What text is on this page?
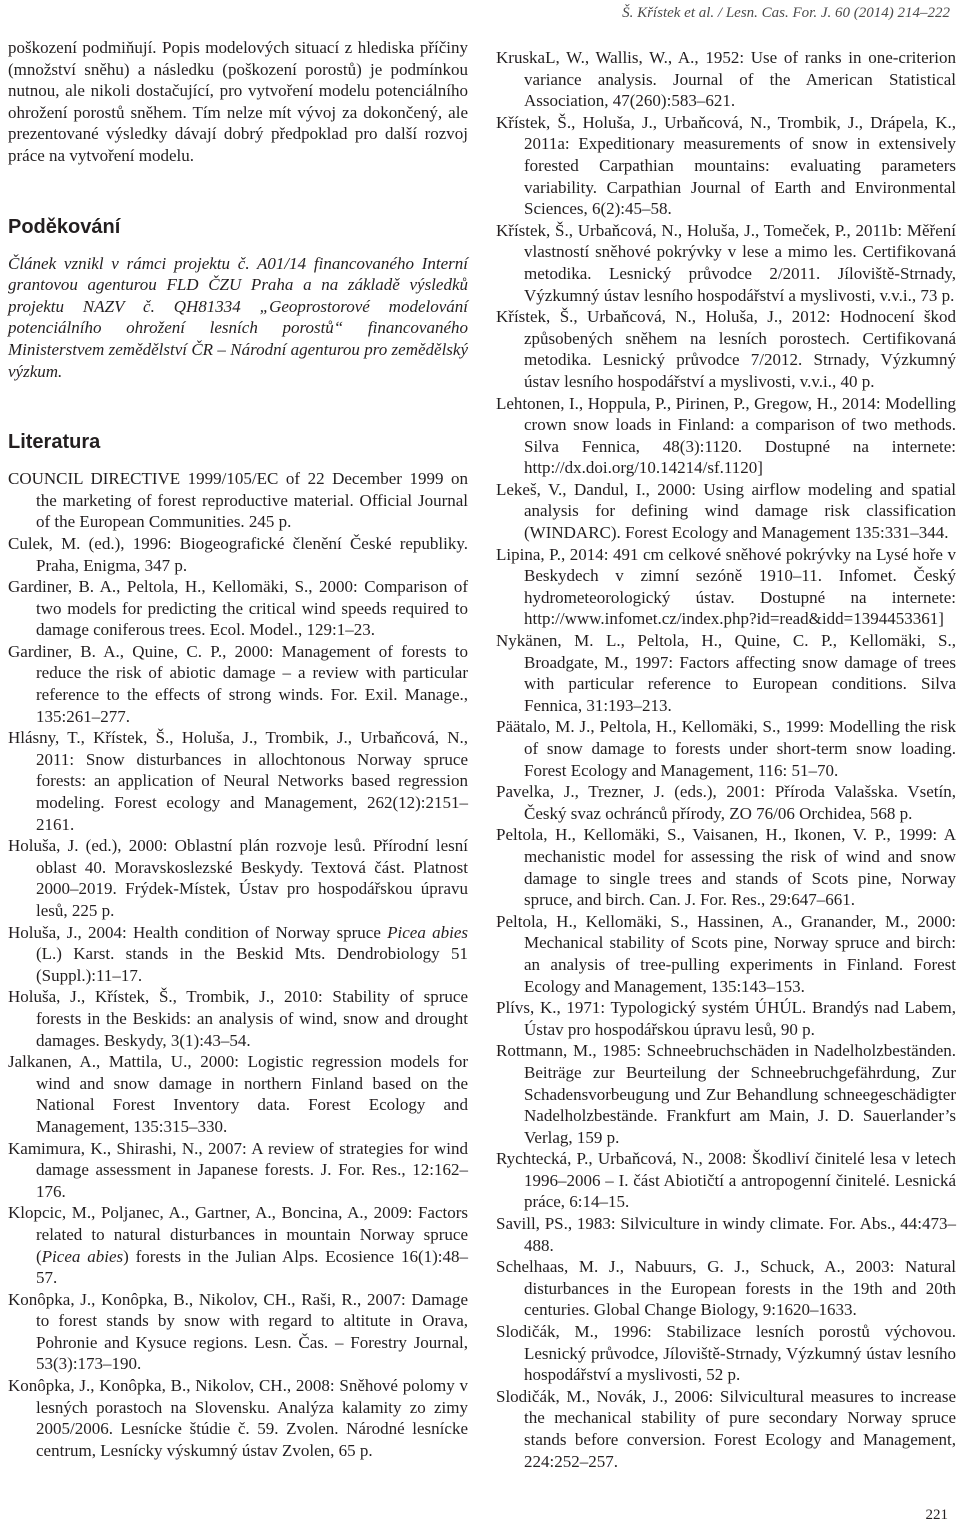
Š. Křístek et al. / Lesn. Cas. For. J. 60 (2014) 214–222

poškození podmiňují. Popis modelových situací z hlediska příčiny (množství sněhu) a následku (poškození porostů) je podmínkou nutnou, ale nikoli dostačující, pro vytvoření modelu potenciálního ohrožení porostů sněhem. Tím nelze mít vývoj za dokončený, ale prezentované výsledky dávají dobrý předpoklad pro další rozvoj práce na vytvoření modelu.

Poděkování

Článek vznikl v rámci projektu č. A01/14 financovaného Interní grantovou agenturou FLD ČZU Praha a na základě výsledků projektu NAZV č. QH81334 „Geoprostorové modelování potenciálního ohrožení lesních porostů“ financovaného Ministerstvem zemědělství ČR – Národní agenturou pro zemědělský výzkum.

Literatura

COUNCIL DIRECTIVE 1999/105/EC of 22 December 1999 on the marketing of forest reproductive material. Official Journal of the European Communities. 245 p.

Culek, M. (ed.), 1996: Biogeografické členění České republiky. Praha, Enigma, 347 p.

Gardiner, B. A., Peltola, H., Kellomäki, S., 2000: Comparison of two models for predicting the critical wind speeds required to damage coniferous trees. Ecol. Model., 129:1–23.

Gardiner, B. A., Quine, C. P., 2000: Management of forests to reduce the risk of abiotic damage – a review with particular reference to the effects of strong winds. For. Exil. Manage., 135:261–277.

Hlásny, T., Křístek, Š., Holuša, J., Trombik, J., Urbaňcová, N., 2011: Snow disturbances in allochtonous Norway spruce forests: an application of Neural Networks based regression modeling. Forest ecology and Management, 262(12):2151–2161.

Holuša, J. (ed.), 2000: Oblastní plán rozvoje lesů. Přírodní lesní oblast 40. Moravskoslezské Beskydy. Textová část. Platnost 2000–2019. Frýdek-Místek, Ústav pro hospodářskou úpravu lesů, 225 p.

Holuša, J., 2004: Health condition of Norway spruce Picea abies (L.) Karst. stands in the Beskid Mts. Dendrobiology 51 (Suppl.):11–17.

Holuša, J., Křístek, Š., Trombik, J., 2010: Stability of spruce forests in the Beskids: an analysis of wind, snow and drought damages. Beskydy, 3(1):43–54.

Jalkanen, A., Mattila, U., 2000: Logistic regression models for wind and snow damage in northern Finland based on the National Forest Inventory data. Forest Ecology and Management, 135:315–330.

Kamimura, K., Shirashi, N., 2007: A review of strategies for wind damage assessment in Japanese forests. J. For. Res., 12:162–176.

Klopcic, M., Poljanec, A., Gartner, A., Boncina, A., 2009: Factors related to natural disturbances in mountain Norway spruce (Picea abies) forests in the Julian Alps. Ecosience 16(1):48–57.

Konôpka, J., Konôpka, B., Nikolov, CH., Raši, R., 2007: Damage to forest stands by snow with regard to altitute in Orava, Pohronie and Kysuce regions. Lesn. Čas. – Forestry Journal, 53(3):173–190.

Konôpka, J., Konôpka, B., Nikolov, CH., 2008: Sněhové polomy v lesných porastoch na Slovensku. Analýza kalamity zo zimy 2005/2006. Lesnícke štúdie č. 59. Zvolen. Národné lesnícke centrum, Lesnícky výskumný ústav Zvolen, 65 p.

KruskaL, W., Wallis, W., A., 1952: Use of ranks in one-criterion variance analysis. Journal of the American Statistical Association, 47(260):583–621.

Křístek, Š., Holuša, J., Urbaňcová, N., Trombik, J., Drápela, K., 2011a: Expeditionary measurements of snow in extensively forested Carpathian mountains: evaluating parameters variability. Carpathian Journal of Earth and Environmental Sciences, 6(2):45–58.

Křístek, Š., Urbaňcová, N., Holuša, J., Tomeček, P., 2011b: Měření vlastností sněhové pokrývky v lese a mimo les. Certifikovaná metodika. Lesnický průvodce 2/2011. Jíloviště-Strnady, Výzkumný ústav lesního hospodářství a myslivosti, v.v.i., 73 p.

Křístek, Š., Urbaňcová, N., Holuša, J., 2012: Hodnocení škod způsobených sněhem na lesních porostech. Certifikovaná metodika. Lesnický průvodce 7/2012. Strnady, Výzkumný ústav lesního hospodářství a myslivosti, v.v.i., 40 p.

Lehtonen, I., Hoppula, P., Pirinen, P., Gregow, H., 2014: Modelling crown snow loads in Finland: a comparison of two methods. Silva Fennica, 48(3):1120. Dostupné na internete: http://dx.doi.org/10.14214/sf.1120]

Lekeš, V., Dandul, I., 2000: Using airflow modeling and spatial analysis for defining wind damage risk classification (WINDARC). Forest Ecology and Management 135:331–344.

Lipina, P., 2014: 491 cm celkové sněhové pokrývky na Lysé hoře v Beskydech v zimní sezóně 1910–11. Infomet. Český hydrometeorologický ústav. Dostupné na internete: http://www.infomet.cz/index.php?id=read&idd=1394453361]

Nykänen, M. L., Peltola, H., Quine, C. P., Kellomäki, S., Broadgate, M., 1997: Factors affecting snow damage of trees with particular reference to European conditions. Silva Fennica, 31:193–213.

Päätalo, M. J., Peltola, H., Kellomäki, S., 1999: Modelling the risk of snow damage to forests under short-term snow loading. Forest Ecology and Management, 116: 51–70.

Pavelka, J., Trezner, J. (eds.), 2001: Příroda Valašska. Vsetín, Český svaz ochránců přírody, ZO 76/06 Orchidea, 568 p.

Peltola, H., Kellomäki, S., Vaisanen, H., Ikonen, V. P., 1999: A mechanistic model for assessing the risk of wind and snow damage to single trees and stands of Scots pine, Norway spruce, and birch. Can. J. For. Res., 29:647–661.

Peltola, H., Kellomäki, S., Hassinen, A., Granander, M., 2000: Mechanical stability of Scots pine, Norway spruce and birch: an analysis of tree-pulling experiments in Finland. Forest Ecology and Management, 135:143–153.

Plívs, K., 1971: Typologický systém ÚHÚL. Brandýs nad Labem, Ústav pro hospodářskou úpravu lesů, 90 p.

Rottmann, M., 1985: Schneebruchschäden in Nadelholzbeständen. Beiträge zur Beurteilung der Schneebruchgefährdung, Zur Schadensvorbeugung und Zur Behandlung schneegeschädigter Nadelholzbestände. Frankfurt am Main, J. D. Sauerlander’s Verlag, 159 p.

Rychtecká, P., Urbaňcová, N., 2008: Škodliví činitelé lesa v letech 1996–2006 – I. část Abiotičtí a antropogenní činitelé. Lesnická práce, 6:14–15.

Savill, PS., 1983: Silviculture in windy climate. For. Abs., 44:473–488.

Schelhaas, M. J., Nabuurs, G. J., Schuck, A., 2003: Natural disturbances in the European forests in the 19th and 20th centuries. Global Change Biology, 9:1620–1633.

Slodičák, M., 1996: Stabilizace lesních porostů výchovou. Lesnický průvodce, Jíloviště-Strnady, Výzkumný ústav lesního hospodářství a myslivosti, 52 p.

Slodičák, M., Novák, J., 2006: Silvicultural measures to increase the mechanical stability of pure secondary Norway spruce stands before conversion. Forest Ecology and Management, 224:252–257.

221
